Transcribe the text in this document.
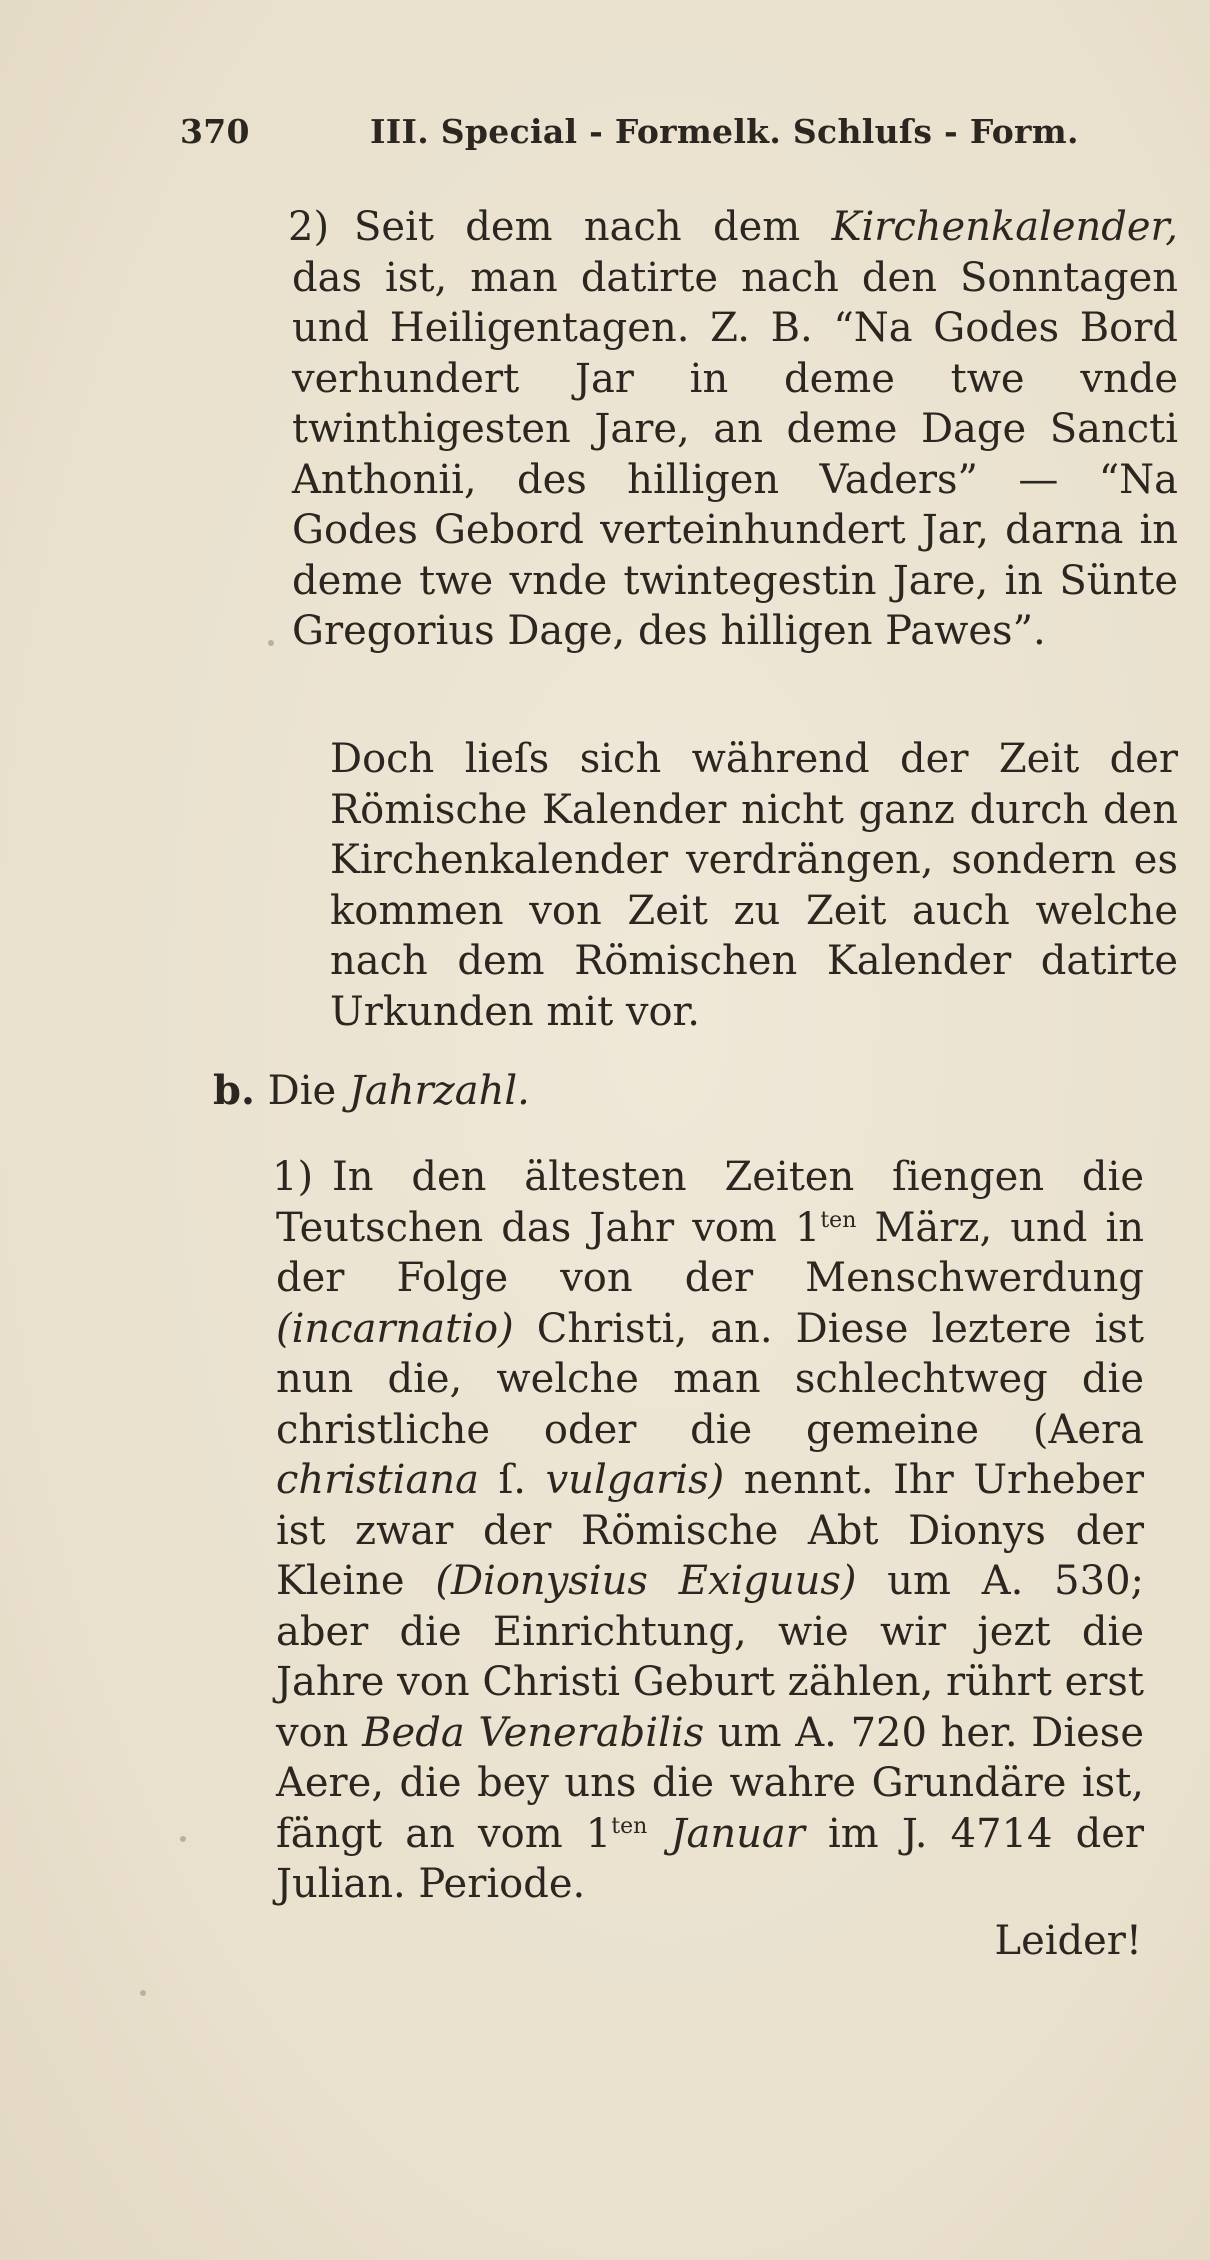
370	III. Special - Formelk. Schluſs - Form.
2) Seit dem nach dem Kirchenkalender, das ist, man datirte nach den Sonntagen und Heiligentagen. Z. B. “Na Godes Bord verhundert Jar in deme twe vnde twinthigesten Jare, an deme Dage Sancti Anthonii, des hilligen Vaders” — “Na Godes Gebord verteinhundert Jar, darna in deme twe vnde twintegestin Jare, in Sünte Gregorius Dage, des hilligen Pawes”.

Doch lieſs sich während der Zeit der Römische Kalender nicht ganz durch den Kirchenkalender verdrängen, sondern es kommen von Zeit zu Zeit auch welche nach dem Römischen Kalender datirte Urkunden mit vor.

b. Die Jahrzahl.
1) In den ältesten Zeiten ſiengen die Teutschen das Jahr vom $1^{ten}$ März, und in der Folge von der Menschwerdung (incarnatio) Christi, an. Diese leztere ist nun die, welche man schlechtweg die christliche oder die gemeine (Aera christiana ſ. vulgaris) nennt. Ihr Urheber ist zwar der Römische Abt Dionys der Kleine (Dionysius Exiguus) um A. 530; aber die Einrichtung, wie wir jezt die Jahre von Christi Geburt zählen, rührt erst von Beda Venerabilis um A. 720 her. Diese Aere, die bey uns die wahre Grundäre ist, fängt an vom $1^{ten}$ Januar im J. 4714 der Julian. Periode.

Leider!
